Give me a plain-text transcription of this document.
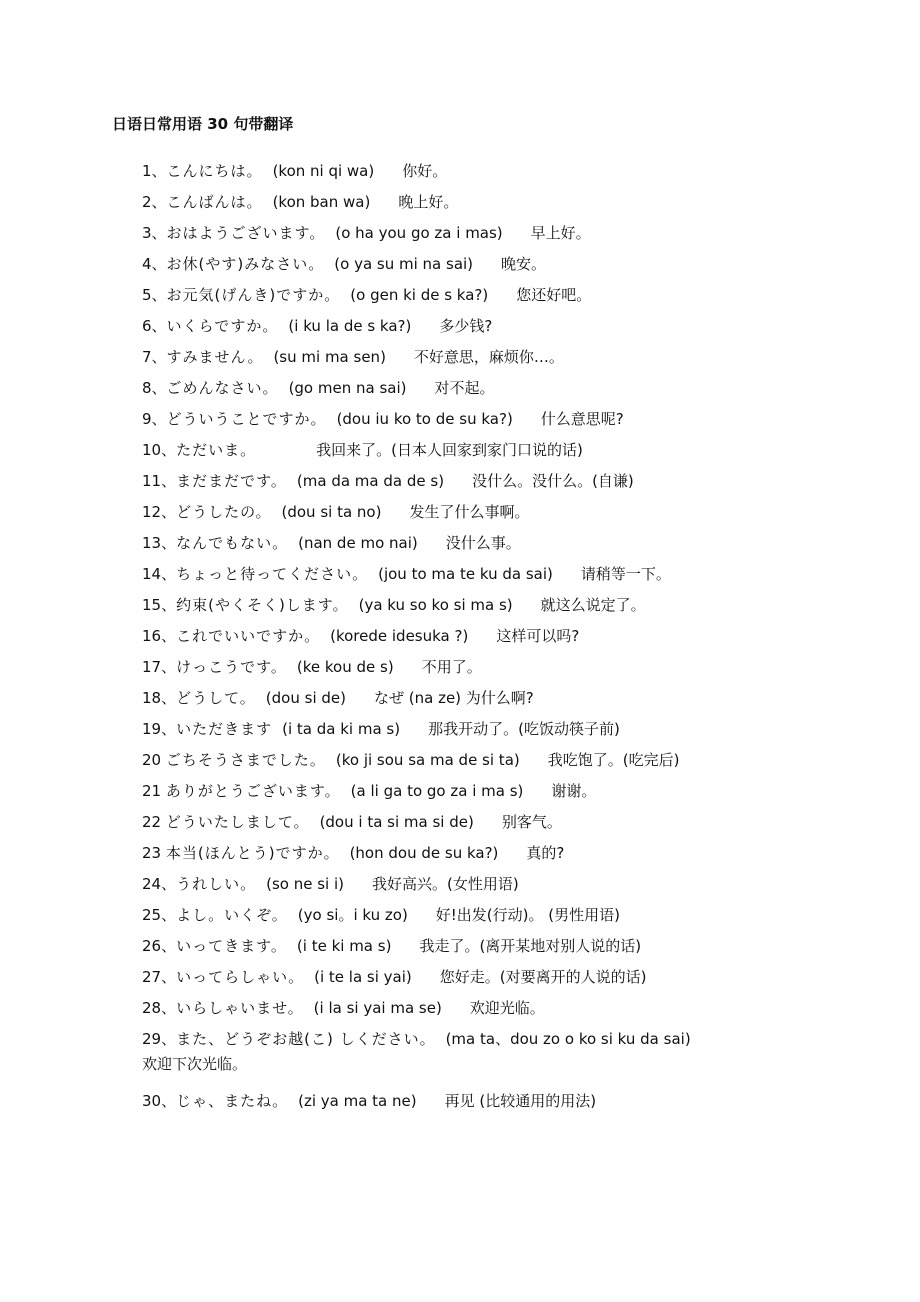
日语日常用语 30 句带翻译
1、こんにちは。 (kon ni qi wa) 你好。
2、こんばんは。 (kon ban wa) 晚上好。
3、おはようございます。 (o ha you go za i mas) 早上好。
4、お休(やす)みなさい。 (o ya su mi na sai) 晚安。
5、お元気(げんき)ですか。 (o gen ki de s ka?) 您还好吧。
6、いくらですか。 (i ku la de s ka?) 多少钱?
7、すみません。 (su mi ma sen) 不好意思，麻烦你…。
8、ごめんなさい。 (go men na sai) 对不起。
9、どういうことですか。 (dou iu ko to de su ka?) 什么意思呢?
10、ただいま。	我回来了。(日本人回家到家门口说的话)
11、まだまだです。 (ma da ma da de s) 没什么。没什么。(自谦)
12、どうしたの。 (dou si ta no) 发生了什么事啊。
13、なんでもない。 (nan de mo nai) 没什么事。
14、ちょっと待ってください。 (jou to ma te ku da sai) 请稍等一下。
15、约束(やくそく)します。 (ya ku so ko si ma s) 就这么说定了。
16、これでいいですか。 (korede idesuka ?) 这样可以吗?
17、けっこうです。 (ke kou de s) 不用了。
18、どうして。 (dou si de) なぜ (na ze) 为什么啊?
19、いただきます (i ta da ki ma s) 那我开动了。(吃饭动筷子前)
20 ごちそうさまでした。 (ko ji sou sa ma de si ta) 我吃饱了。(吃完后)
21 ありがとうございます。 (a li ga to go za i ma s) 谢谢。
22 どういたしまして。 (dou i ta si ma si de) 别客气。
23 本当(ほんとう)ですか。 (hon dou de su ka?) 真的?
24、うれしい。 (so ne si i) 我好高兴。(女性用语)
25、よし。いくぞ。 (yo si。i ku zo) 好!出发(行动)。 (男性用语)
26、いってきます。 (i te ki ma s) 我走了。(离开某地对别人说的话)
27、いってらしゃい。 (i te la si yai) 您好走。(对要离开的人说的话)
28、いらしゃいませ。 (i la si yai ma se) 欢迎光临。
29、また、どうぞお越(こ) しください。 (ma ta、dou zo o ko si ku da sai)
欢迎下次光临。
30、じゃ、またね。 (zi ya ma ta ne) 再见 (比较通用的用法)
